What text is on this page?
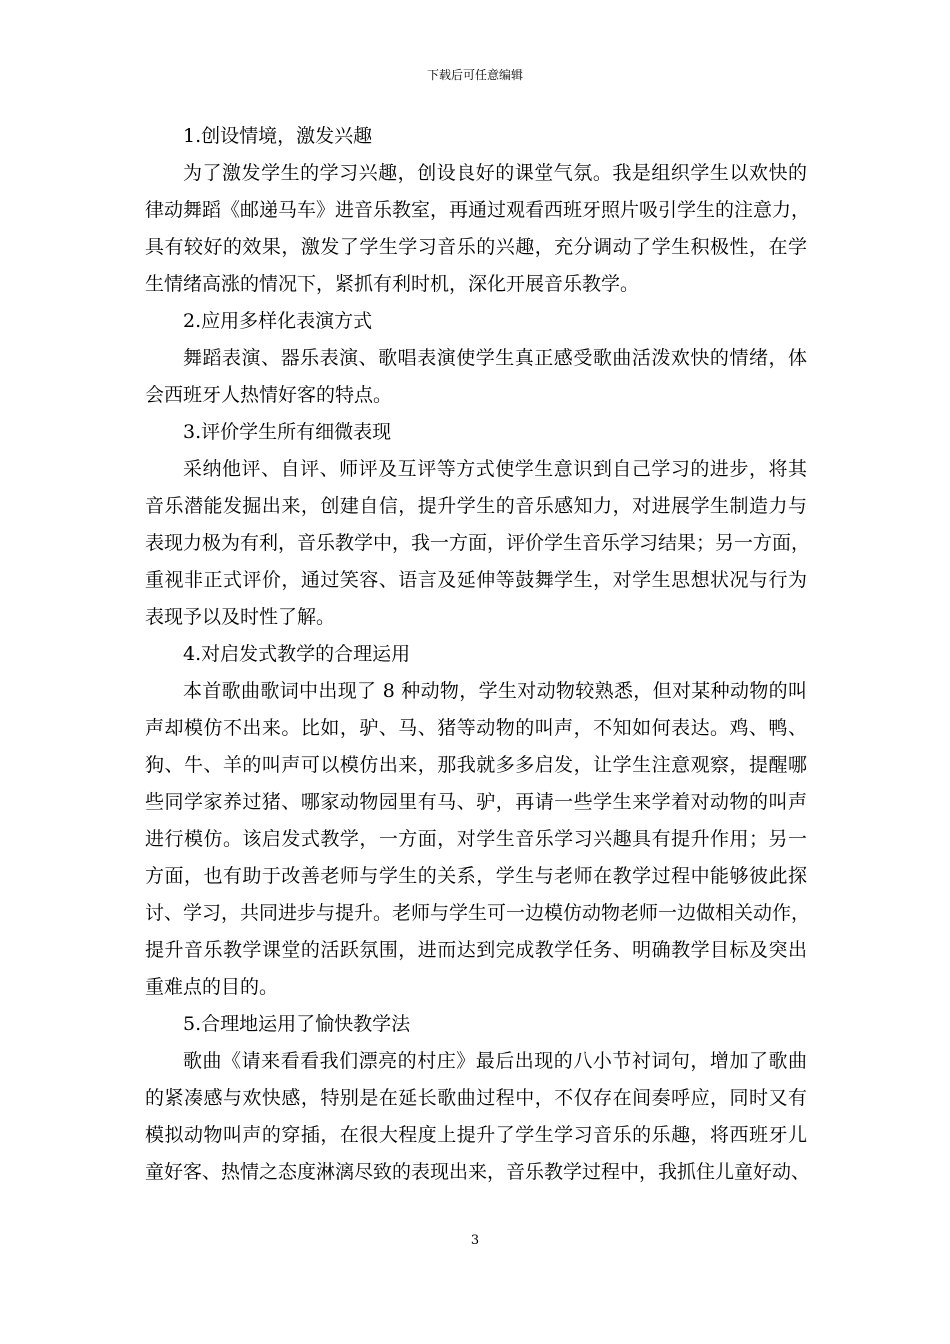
下载后可任意编辑
1.创设情境，激发兴趣
为了激发学生的学习兴趣，创设良好的课堂气氛。我是组织学生以欢快的
律动舞蹈《邮递马车》进音乐教室，再通过观看西班牙照片吸引学生的注意力，
具有较好的效果，激发了学生学习音乐的兴趣，充分调动了学生积极性，在学
生情绪高涨的情况下，紧抓有利时机，深化开展音乐教学。
2.应用多样化表演方式
舞蹈表演、器乐表演、歌唱表演使学生真正感受歌曲活泼欢快的情绪，体
会西班牙人热情好客的特点。
3.评价学生所有细微表现
采纳他评、自评、师评及互评等方式使学生意识到自己学习的进步，将其
音乐潜能发掘出来，创建自信，提升学生的音乐感知力，对进展学生制造力与
表现力极为有利，音乐教学中，我一方面，评价学生音乐学习结果；另一方面，
重视非正式评价，通过笑容、语言及延伸等鼓舞学生，对学生思想状况与行为
表现予以及时性了解。
4.对启发式教学的合理运用
本首歌曲歌词中出现了 8 种动物，学生对动物较熟悉，但对某种动物的叫
声却模仿不出来。比如，驴、马、猪等动物的叫声，不知如何表达。鸡、鸭、
狗、牛、羊的叫声可以模仿出来，那我就多多启发，让学生注意观察，提醒哪
些同学家养过猪、哪家动物园里有马、驴，再请一些学生来学着对动物的叫声
进行模仿。该启发式教学，一方面，对学生音乐学习兴趣具有提升作用；另一
方面，也有助于改善老师与学生的关系，学生与老师在教学过程中能够彼此探
讨、学习，共同进步与提升。老师与学生可一边模仿动物老师一边做相关动作，
提升音乐教学课堂的活跃氛围，进而达到完成教学任务、明确教学目标及突出
重难点的目的。
5.合理地运用了愉快教学法
歌曲《请来看看我们漂亮的村庄》最后出现的八小节衬词句，增加了歌曲
的紧凑感与欢快感，特别是在延长歌曲过程中，不仅存在间奏呼应，同时又有
模拟动物叫声的穿插，在很大程度上提升了学生学习音乐的乐趣，将西班牙儿
童好客、热情之态度淋漓尽致的表现出来，音乐教学过程中，我抓住儿童好动、
3
